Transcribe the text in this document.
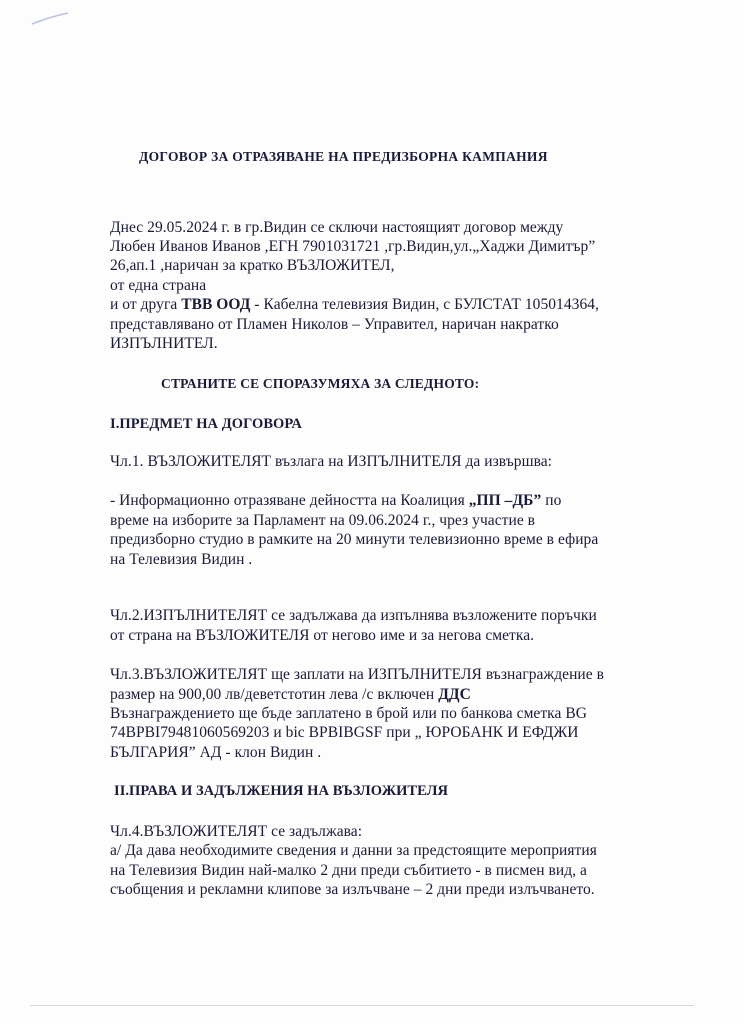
ДОГОВОР ЗА ОТРАЗЯВАНЕ НА ПРЕДИЗБОРНА КАМПАНИЯ
Днес 29.05.2024 г. в гр.Видин се сключи настоящият договор между
Любен Иванов Иванов ,ЕГН 7901031721 ,гр.Видин,ул.„Хаджи Димитър”
26,ап.1 ,наричан за кратко ВЪЗЛОЖИТЕЛ,
от една страна
и от друга ТВВ ООД - Кабелна телевизия Видин, с БУЛСТАТ 105014364,
представлявано от Пламен Николов – Управител, наричан накратко
ИЗПЪЛНИТЕЛ.
СТРАНИТЕ СЕ СПОРАЗУМЯХА ЗА СЛЕДНОТО:
I.ПРЕДМЕТ НА ДОГОВОРА
Чл.1. ВЪЗЛОЖИТЕЛЯТ възлага на ИЗПЪЛНИТЕЛЯ да извършва:
- Информационно отразяване дейността на Коалиция „ПП –ДБ” по
време на изборите за Парламент на 09.06.2024 г., чрез участие в
предизборно студио в рамките на 20 минути телевизионно време в ефира
на Телевизия Видин .
Чл.2.ИЗПЪЛНИТЕЛЯТ се задължава да изпълнява възложените поръчки
от страна на ВЪЗЛОЖИТЕЛЯ от негово име и за негова сметка.
Чл.3.ВЪЗЛОЖИТЕЛЯТ ще заплати на ИЗПЪЛНИТЕЛЯ възнаграждение в
размер на 900,00 лв/деветстотин лева /с включен ДДС
Възнаграждението ще бъде заплатено в брой или по банкова сметка BG
74BPBI79481060569203 и bic BPBIBGSF при „ ЮРОБАНК И ЕФДЖИ
БЪЛГАРИЯ” АД - клон Видин .
II.ПРАВА И ЗАДЪЛЖЕНИЯ НА ВЪЗЛОЖИТЕЛЯ
Чл.4.ВЪЗЛОЖИТЕЛЯТ се задължава:
а/ Да дава необходимите сведения и данни за предстоящите мероприятия
на Телевизия Видин най-малко 2 дни преди събитието - в писмен вид, а
съобщения и рекламни клипове за излъчване – 2 дни преди излъчването.
